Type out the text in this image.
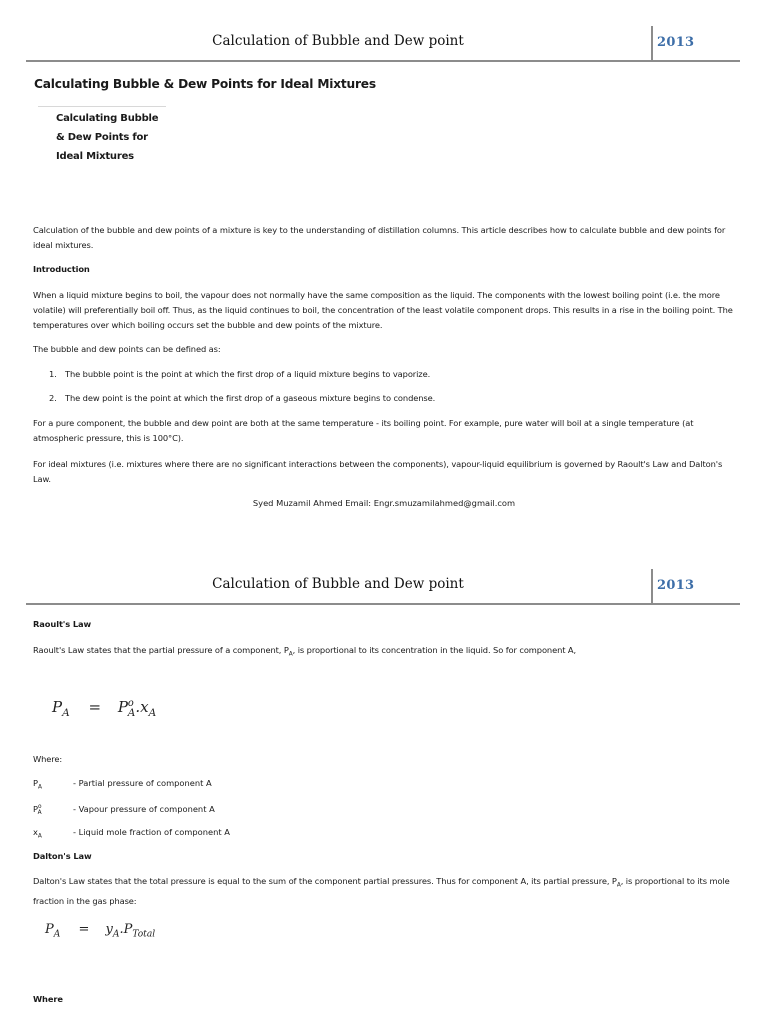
Calculation of Bubble and Dew point	2013
Calculating Bubble & Dew Points for Ideal Mixtures
Calculating Bubble
& Dew Points for
Ideal Mixtures

Calculation of the bubble and dew points of a mixture is key to the understanding of distillation columns. This article describes how to calculate bubble and dew points for ideal mixtures.

Introduction

When a liquid mixture begins to boil, the vapour does not normally have the same composition as the liquid. The components with the lowest boiling point (i.e. the more volatile) will preferentially boil off. Thus, as the liquid continues to boil, the concentration of the least volatile component drops. This results in a rise in the boiling point. The temperatures over which boiling occurs set the bubble and dew points of the mixture.

The bubble and dew points can be defined as:

1. The bubble point is the point at which the first drop of a liquid mixture begins to vaporize.
2. The dew point is the point at which the first drop of a gaseous mixture begins to condense.

For a pure component, the bubble and dew point are both at the same temperature - its boiling point. For example, pure water will boil at a single temperature (at atmospheric pressure, this is 100°C).

For ideal mixtures (i.e. mixtures where there are no significant interactions between the components), vapour-liquid equilibrium is governed by Raoult's Law and Dalton's Law.

Syed Muzamil Ahmed Email: Engr.smuzamilahmed@gmail.com
Calculation of Bubble and Dew point	2013

Raoult's Law

Raoult's Law states that the partial pressure of a component, $P_A$, is proportional to its concentration in the liquid. So for component A,

$P_A = P^o_A.x_A$

Where:

$P_A$	- Partial pressure of component A
$P^o_A$	- Vapour pressure of component A
$x_A$	- Liquid mole fraction of component A

Dalton's Law

Dalton's Law states that the total pressure is equal to the sum of the component partial pressures. Thus for component A, its partial pressure, $P_A$, is proportional to its mole fraction in the gas phase:

$P_A = y_A.P_{Total}$

Where
